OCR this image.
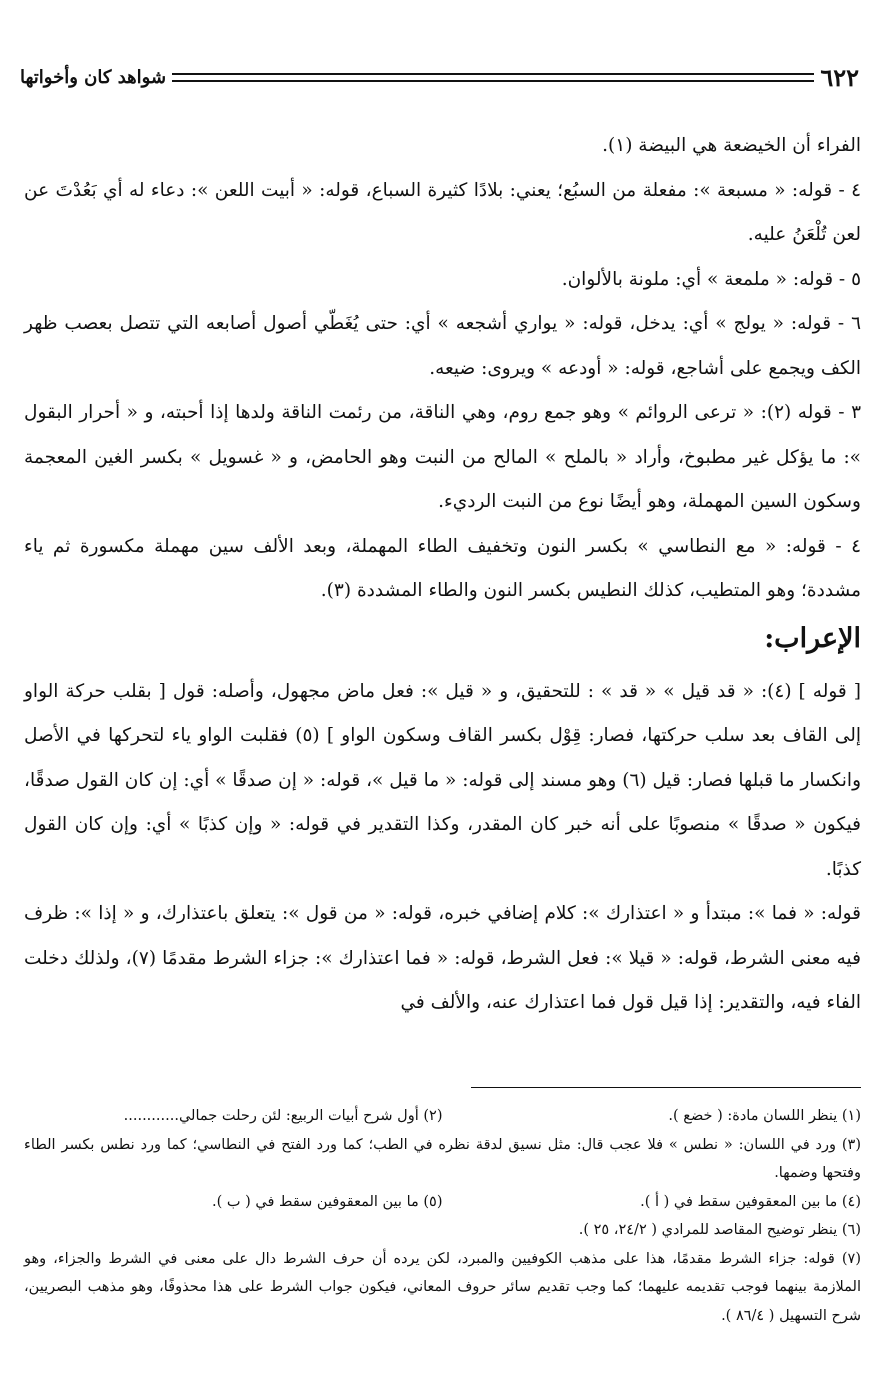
٦٢٢
شواهد كان وأخواتها

الفراء أن الخيضعة هي البيضة (١).

٤ - قوله: « مسبعة »: مفعلة من السبُع؛ يعني: بلادًا كثيرة السباع، قوله: « أبيت اللعن »: دعاء له أي بَعُدْتَ عن لعن تُلْعَنُ عليه.

٥ - قوله: « ملمعة » أي: ملونة بالألوان.

٦ - قوله: « يولج » أي: يدخل، قوله: « يواري أشجعه » أي: حتى يُغَطّي أصول أصابعه التي تتصل بعصب ظهر الكف ويجمع على أشاجع، قوله: « أودعه » ويروى: ضيعه.

٣ - قوله (٢): « ترعى الروائم » وهو جمع روم، وهي الناقة، من رئمت الناقة ولدها إذا أحبته، و « أحرار البقول »: ما يؤكل غير مطبوخ، وأراد « بالملح » المالح من النبت وهو الحامض، و « غسويل » بكسر الغين المعجمة وسكون السين المهملة، وهو أيضًا نوع من النبت الرديء.

٤ - قوله: « مع النطاسي » بكسر النون وتخفيف الطاء المهملة، وبعد الألف سين مهملة مكسورة ثم ياء مشددة؛ وهو المتطيب، كذلك النطيس بكسر النون والطاء المشددة (٣).

الإعراب:

[ قوله ] (٤): « قد قيل » « قد » : للتحقيق، و « قيل »: فعل ماض مجهول، وأصله: قول [ بقلب حركة الواو إلى القاف بعد سلب حركتها، فصار: قِوْل بكسر القاف وسكون الواو ] (٥) فقلبت الواو ياء لتحركها في الأصل وانكسار ما قبلها فصار: قيل (٦) وهو مسند إلى قوله: « ما قيل »، قوله: « إن صدقًا » أي: إن كان القول صدقًا، فيكون « صدقًا » منصوبًا على أنه خبر كان المقدر، وكذا التقدير في قوله: « وإن كذبًا » أي: وإن كان القول كذبًا.

قوله: « فما »: مبتدأ و « اعتذارك »: كلام إضافي خبره، قوله: « من قول »: يتعلق باعتذارك، و « إذا »: ظرف فيه معنى الشرط، قوله: « قيلا »: فعل الشرط، قوله: « فما اعتذارك »: جزاء الشرط مقدمًا (٧)، ولذلك دخلت الفاء فيه، والتقدير: إذا قيل قول فما اعتذارك عنه، والألف في

(١) ينظر اللسان مادة: ( خضع ).

(٢) أول شرح أبيات الربيع: لئن رحلت جمالي............

(٣) ورد في اللسان: « نطس » فلا عجب قال: مثل نسيق لدقة نظره في الطب؛ كما ورد الفتح في النطاسي؛ كما ورد نطس بكسر الطاء وفتحها وضمها.

(٤) ما بين المعقوفين سقط في ( أ ).

(٥) ما بين المعقوفين سقط في ( ب ).

(٦) ينظر توضيح المقاصد للمرادي ( ٢٤/٢، ٢٥ ).

(٧) قوله: جزاء الشرط مقدمًا، هذا على مذهب الكوفيين والمبرد، لكن يرده أن حرف الشرط دال على معنى في الشرط والجزاء، وهو الملازمة بينهما فوجب تقديمه عليهما؛ كما وجب تقديم سائر حروف المعاني، فيكون جواب الشرط على هذا محذوفًا، وهو مذهب البصريين، شرح التسهيل ( ٨٦/٤ ).
